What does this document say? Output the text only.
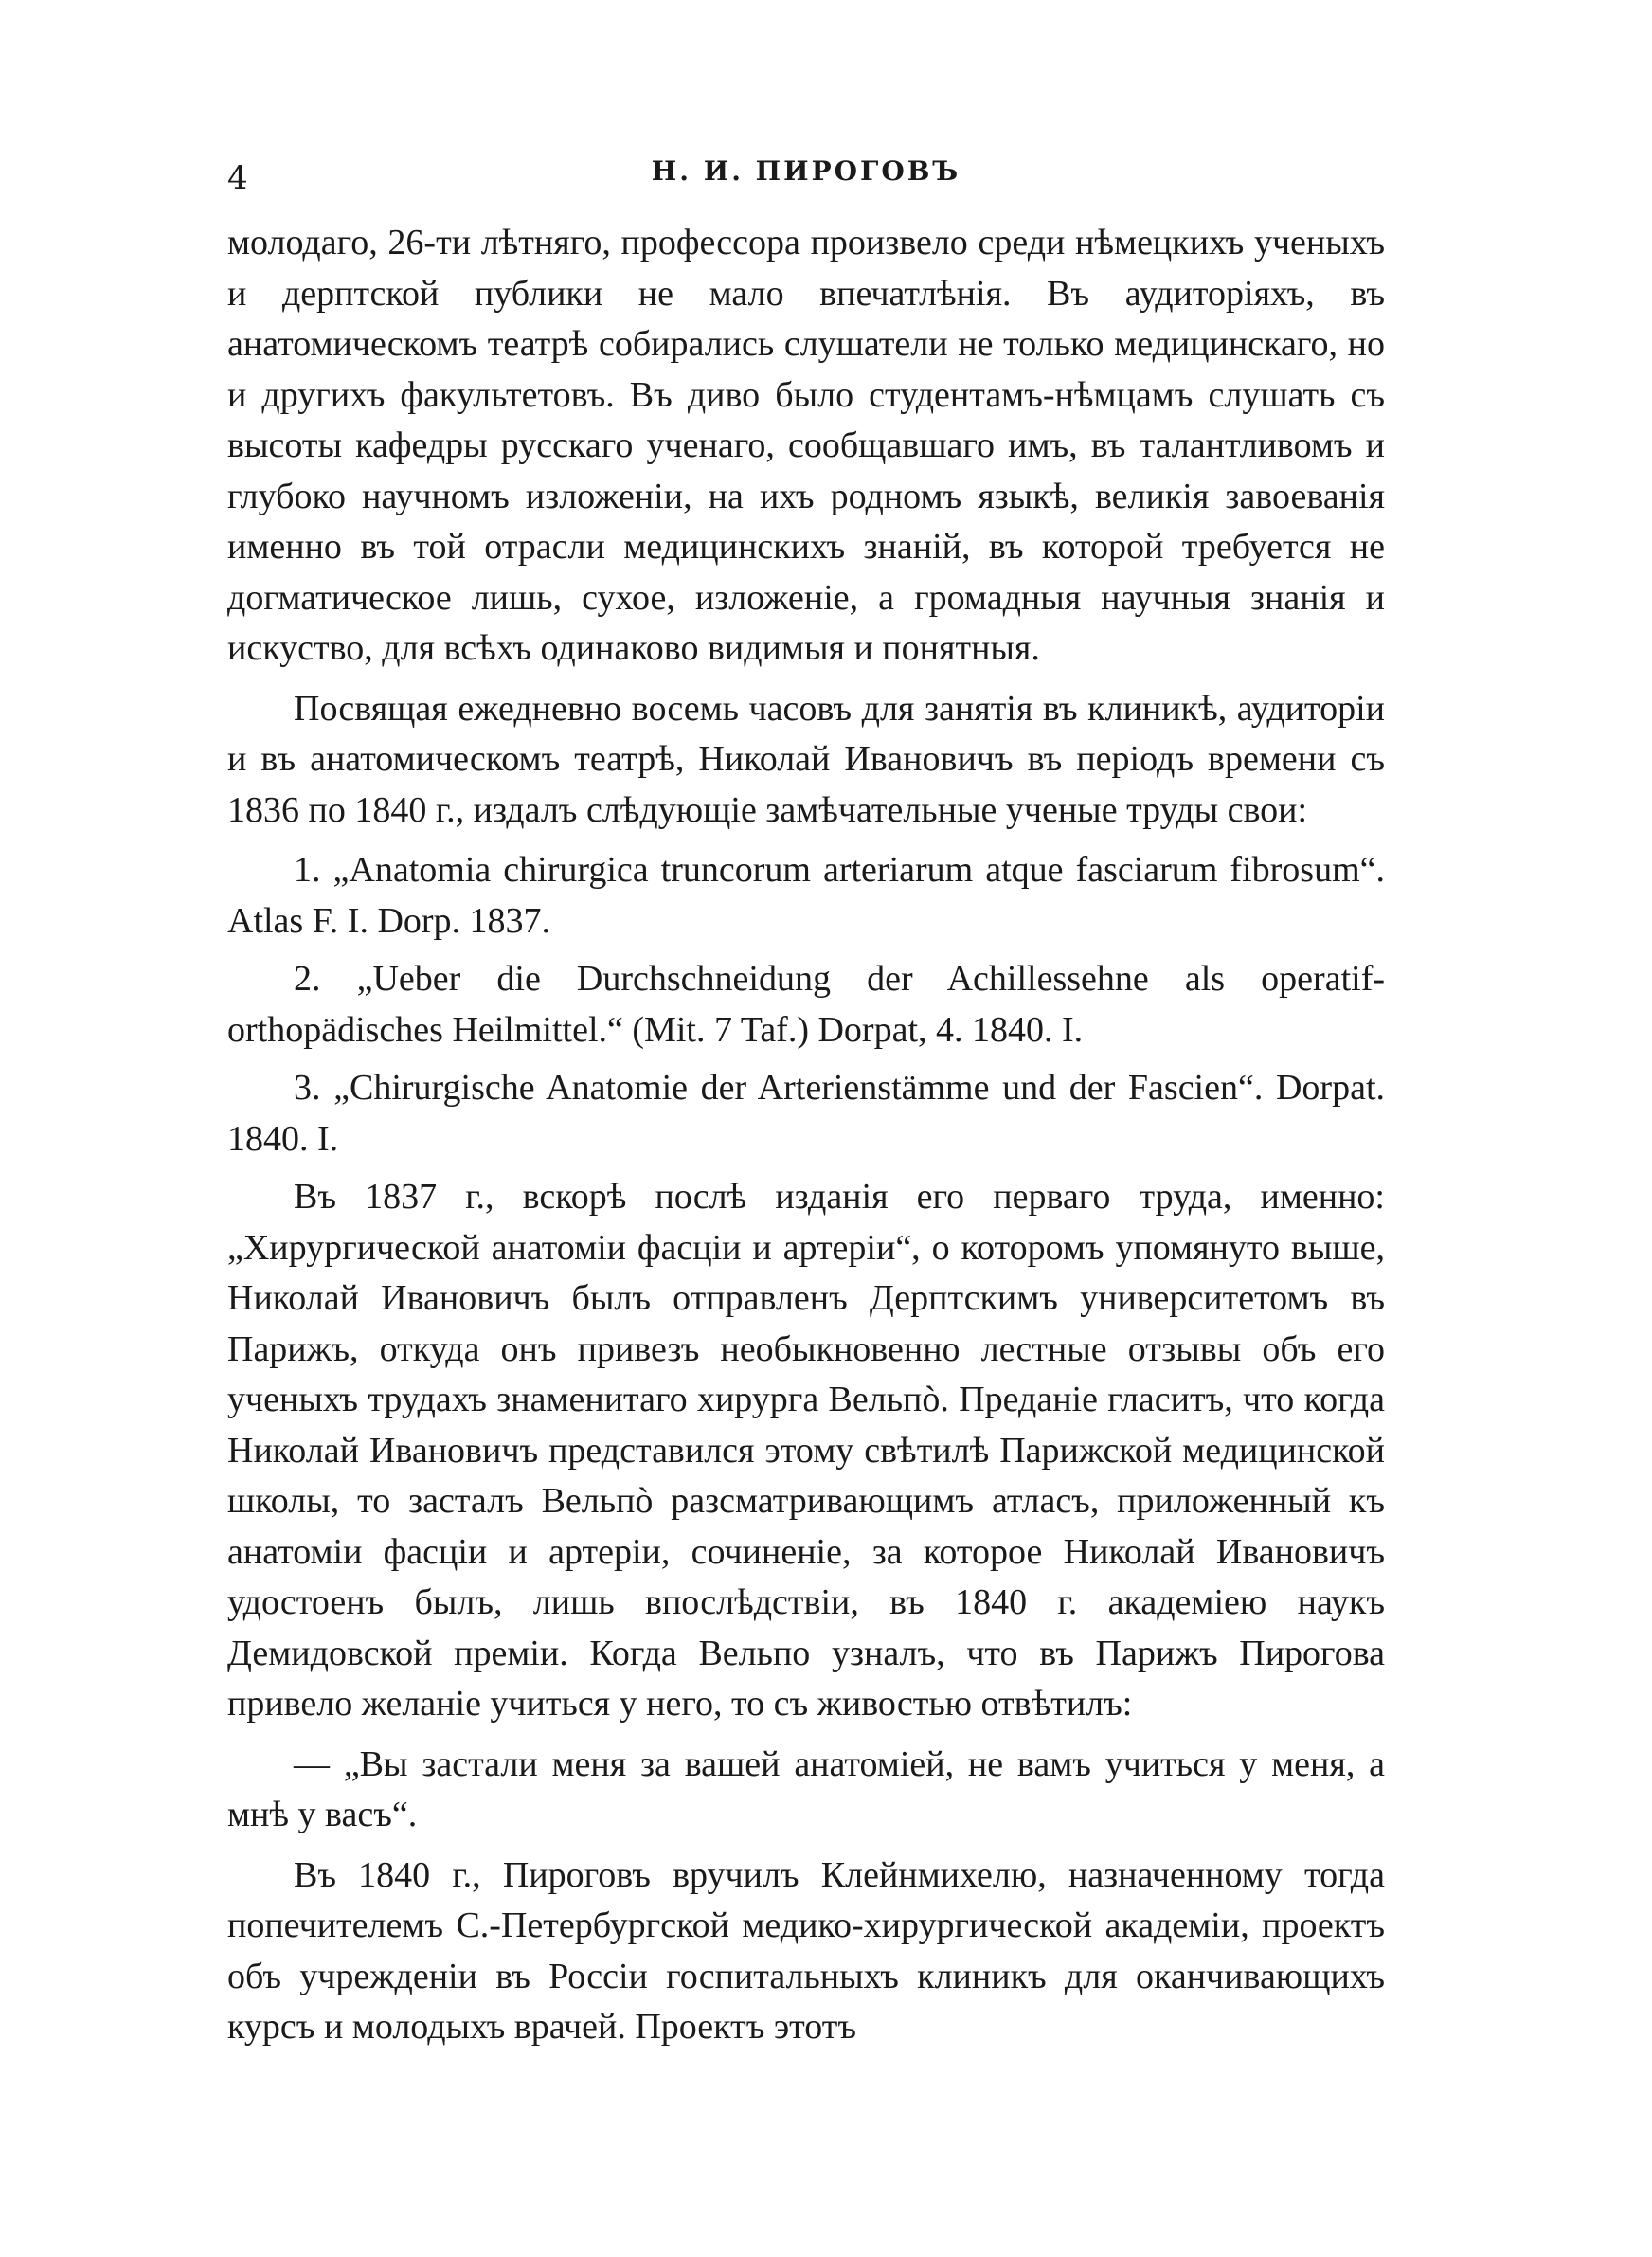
4	Н. И. ПИРОГОВЪ

молодаго, 26-ти лѣтняго, профессора произвело среди нѣмецкихъ ученыхъ и дерптской публики не мало впечатлѣнія. Въ аудиторіяхъ, въ анатомическомъ театрѣ собирались слушатели не только медицинскаго, но и другихъ факультетовъ. Въ диво было студентамъ-нѣмцамъ слушать съ высоты кафедры русскаго ученаго, сообщавшаго имъ, въ талантливомъ и глубоко научномъ изложеніи, на ихъ родномъ языкѣ, великія завоеванія именно въ той отрасли медицинскихъ знаній, въ которой требуется не догматическое лишь, сухое, изложеніе, а громадныя научныя знанія и искуство, для всѣхъ одинаково видимыя и понятныя.

Посвящая ежедневно восемь часовъ для занятія въ клиникѣ, аудиторіи и въ анатомическомъ театрѣ, Николай Ивановичъ въ періодъ времени съ 1836 по 1840 г., издалъ слѣдующіе замѣчательные ученые труды свои:

1. „Anatomia chirurgica truncorum arteriarum atque fasciarum fibrosum“. Atlas F. I. Dorp. 1837.

2. „Ueber die Durchschneidung der Achillessehne als operatif-orthopädisches Heilmittel.“ (Mit. 7 Taf.) Dorpat, 4. 1840. I.

3. „Chirurgische Anatomie der Arterienstämme und der Fascien“. Dorpat. 1840. I.

Въ 1837 г., вскорѣ послѣ изданія его перваго труда, именно: „Хирургической анатоміи фасціи и артеріи“, о которомъ упомянуто выше, Николай Ивановичъ былъ отправленъ Дерптскимъ университетомъ въ Парижъ, откуда онъ привезъ необыкновенно лестные отзывы объ его ученыхъ трудахъ знаменитаго хирурга Вельпò. Преданіе гласитъ, что когда Николай Ивановичъ представился этому свѣтилѣ Парижской медицинской школы, то засталъ Вельпò разсматривающимъ атласъ, приложенный къ анатоміи фасціи и артеріи, сочиненіе, за которое Николай Ивановичъ удостоенъ былъ, лишь впослѣдствіи, въ 1840 г. академіею наукъ Демидовской преміи. Когда Вельпо узналъ, что въ Парижъ Пирогова привело желаніе учиться у него, то съ живостью отвѣтилъ:

— „Вы застали меня за вашей анатоміей, не вамъ учиться у меня, а мнѣ у васъ“.

Въ 1840 г., Пироговъ вручилъ Клейнмихелю, назначенному тогда попечителемъ С.-Петербургской медико-хирургической академіи, проектъ объ учрежденіи въ Россіи госпитальныхъ клиникъ для оканчивающихъ курсъ и молодыхъ врачей. Проектъ этотъ
